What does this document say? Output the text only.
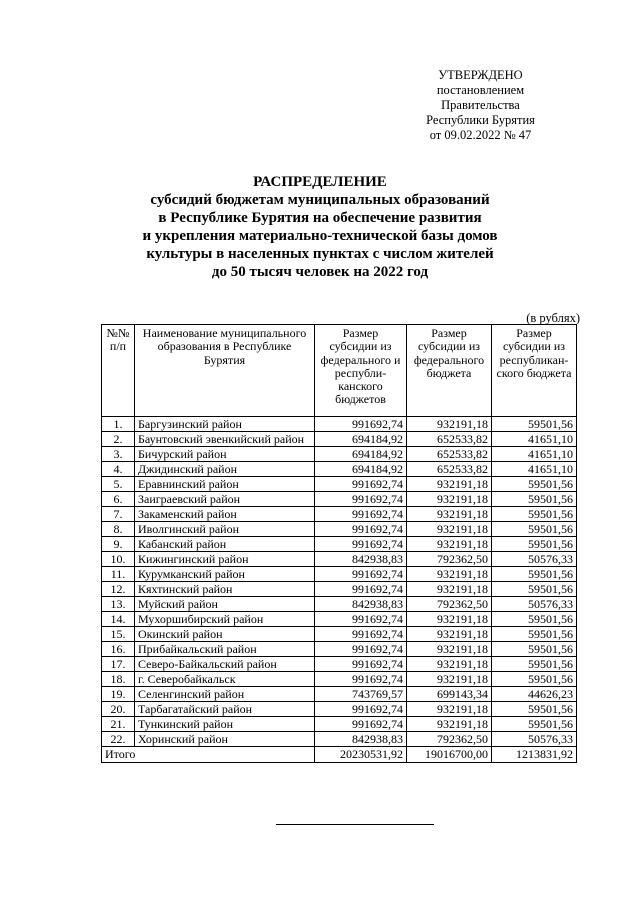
УТВЕРЖДЕНО
постановлением Правительства
Республики Бурятия
от 09.02.2022 № 47
РАСПРЕДЕЛЕНИЕ
субсидий бюджетам муниципальных образований
в Республике Бурятия на обеспечение развития
и укрепления материально-технической базы домов
культуры в населенных пунктах с числом жителей
до 50 тысяч человек на 2022 год
(в рублях)
№№ п/п	Наименование муниципального образования в Республике Бурятия	Размер субсидии из федерального и республи-канского бюджетов	Размер субсидии из федерального бюджета	Размер субсидии из республикан-ского бюджета
1.	Баргузинский район	991692,74	932191,18	59501,56
2.	Баунтовский эвенкийский район	694184,92	652533,82	41651,10
3.	Бичурский район	694184,92	652533,82	41651,10
4.	Джидинский район	694184,92	652533,82	41651,10
5.	Еравнинский район	991692,74	932191,18	59501,56
6.	Заиграевский район	991692,74	932191,18	59501,56
7.	Закаменский район	991692,74	932191,18	59501,56
8.	Иволгинский район	991692,74	932191,18	59501,56
9.	Кабанский район	991692,74	932191,18	59501,56
10.	Кижингинский район	842938,83	792362,50	50576,33
11.	Курумканский район	991692,74	932191,18	59501,56
12.	Кяхтинский район	991692,74	932191,18	59501,56
13.	Муйский район	842938,83	792362,50	50576,33
14.	Мухоршибирский район	991692,74	932191,18	59501,56
15.	Окинский район	991692,74	932191,18	59501,56
16.	Прибайкальский район	991692,74	932191,18	59501,56
17.	Северо-Байкальский район	991692,74	932191,18	59501,56
18.	г. Северобайкальск	991692,74	932191,18	59501,56
19.	Селенгинский район	743769,57	699143,34	44626,23
20.	Тарбагатайский район	991692,74	932191,18	59501,56
21.	Тункинский район	991692,74	932191,18	59501,56
22.	Хоринский район	842938,83	792362,50	50576,33
Итого		20230531,92	19016700,00	1213831,92
